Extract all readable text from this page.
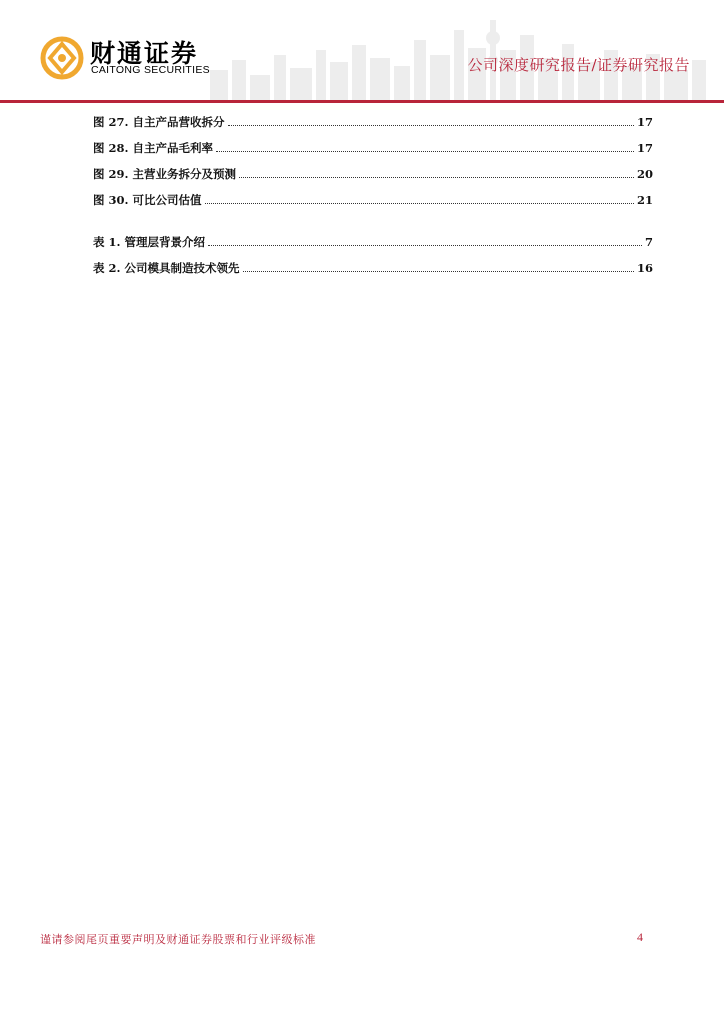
财通证券
CAITONG SECURITIES	公司深度研究报告/证券研究报告
图 27. 自主产品营收拆分	17
图 28. 自主产品毛利率	17
图 29. 主营业务拆分及预测	20
图 30. 可比公司估值	21
表 1. 管理层背景介绍	7
表 2. 公司模具制造技术领先	16
谨请参阅尾页重要声明及财通证券股票和行业评级标准	4
